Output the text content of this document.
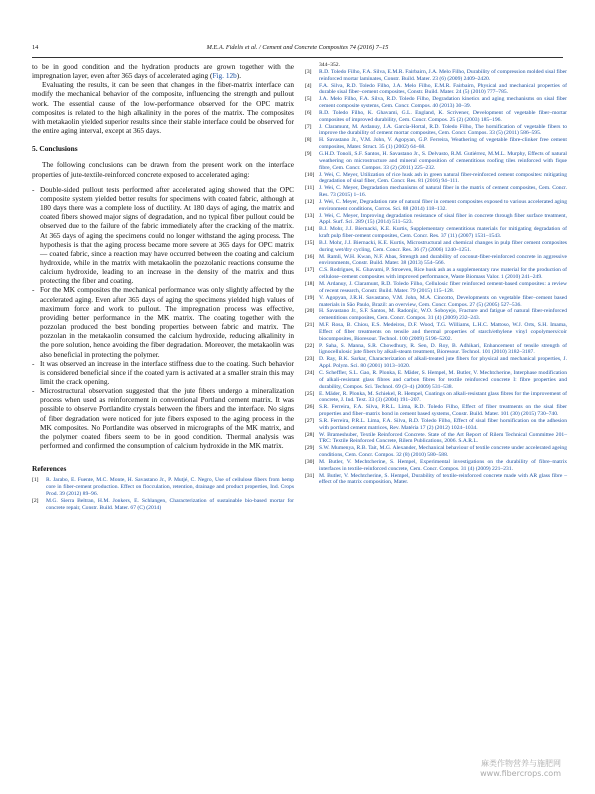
14	M.E.A. Fidelis et al. / Cement and Concrete Composites 74 (2016) 7–15

to be in good condition and the hydration products are grown together with the impregnation layer, even after 365 days of accelerated aging (Fig. 12b).

Evaluating the results, it can be seen that changes in the fiber-matrix interface can modify the mechanical behavior of the composite, influencing the strength and pullout work. The essential cause of the low-performance observed for the OPC matrix composites is related to the high alkalinity in the pores of the matrix. The composites with metakaolin yielded superior results since their stable interface could be observed for the entire aging interval, except at 365 days.

5. Conclusions

The following conclusions can be drawn from the present work on the interface properties of jute-textile-reinforced concrete exposed to accelerated aging:

- Double-sided pullout tests performed after accelerated aging showed that the OPC composite system yielded better results for specimens with coated fabric, although at 180 days there was a complete loss of ductility. At 180 days of aging, the matrix and coated fibers showed major signs of degradation, and no typical fiber pullout could be observed due to the failure of the fabric immediately after the cracking of the matrix. At 365 days of aging the specimens could no longer withstand the aging process. The hypothesis is that the aging process became more severe at 365 days for OPC matrix — coated fabric, since a reaction may have occurred between the coating and calcium hydroxide, while in the matrix with metakaolin the pozzolanic reactions consume the calcium hydroxide, leading to an increase in the density of the matrix and thus protecting the fiber and coating.
- For the MK composites the mechanical performance was only slightly affected by the accelerated aging. Even after 365 days of aging the specimens yielded high values of maximum force and work to pullout. The impregnation process was effective, providing better performance in the MK matrix. The coating together with the pozzolan produced the best bonding properties between fabric and matrix. The pozzolan in the metakaolin consumed the calcium hydroxide, reducing alkalinity in the pore solution, hence avoiding the fiber degradation. Moreover, the metakaolin was also beneficial in protecting the polymer.
- It was observed an increase in the interface stiffness due to the coating. Such behavior is considered beneficial since if the coated yarn is activated at a smaller strain this may limit the crack opening.
- Microstructural observation suggested that the jute fibers undergo a mineralization process when used as reinforcement in conventional Portland cement matrix. It was possible to observe Portlandite crystals between the fibers and the interface. No signs of fiber degradation were noticed for jute fibers exposed to the aging process in the MK composites. No Portlandite was observed in micrographs of the MK matrix, and the polymer coated fibers seem to be in good condition. Thermal analysis was performed and confirmed the consumption of calcium hydroxide in the MK matrix.
References
[1]	R. Jarabo, E. Fuente, M.C. Monte, H. Savastano Jr., P. Mutjé, C. Negro, Use of cellulose fibers from hemp core in fiber-cement production. Effect on flocculation, retention, drainage and product properties, Ind. Crops Prod. 39 (2012) 89–96.
[2]	M.G. Sierra Beltran, H.M. Jonkers, E. Schlangen, Characterization of sustainable bio-based mortar for concrete repair, Constr. Build. Mater. 67 (C) (2014)
344–352.
[3]	R.D. Toledo Filho, F.A. Silva, E.M.R. Fairbairn, J.A. Melo Filho, Durability of compression molded sisal fiber reinforced mortar laminates, Constr. Build. Mater. 23 (6) (2009) 2409–2420.
[4]	F.A. Silva, R.D. Toledo Filho, J.A. Melo Filho, E.M.R. Fairbairn, Physical and mechanical properties of durable sisal fiber–cement composites, Constr. Build. Mater. 24 (5) (2010) 777–785.
[5]	J.A. Melo Filho, F.A. Silva, R.D. Toledo Filho, Degradation kinetics and aging mechanisms on sisal fiber cement composite systems, Cem. Concr. Compos. 40 (2013) 30–39.
[6]	R.D. Toledo Filho, K. Ghavami, G.L. England, K. Scrivener, Development of vegetable fiber–mortar composites of improved durability, Cem. Concr. Compos. 25 (2) (2003) 185–196.
[7]	J. Claramunt, M. Ardanuy, J.A. García-Hortal, R.D. Toledo Filho, The hornification of vegetable fibers to improve the durability of cement mortar composites, Cem. Concr. Compos. 33 (5) (2011) 586–595.
[8]	H. Savastano Jr., V.M. John, V. Agopyan, G.P. Ferreira, Weathering of vegetable fibre-clinker free cement composites, Mater. Struct. 35 (1) (2002) 64–68.
[9]	G.H.D. Tonoli, S.F. Santos, H. Savastano Jr., S. Delvasto, R.M. Gutiérrez, M.M.L. Murphy, Effects of natural weathering on microstructure and mineral composition of cementitious roofing tiles reinforced with fique fibre, Cem. Concr. Compos. 33 (2) (2011) 225–232.
[10] J. Wei, C. Meyer, Utilization of rice husk ash in green natural fiber-reinforced cement composites: mitigating degradation of sisal fiber, Cem. Concr. Res. 81 (2016) 94–111.
[11] J. Wei, C. Meyer, Degradation mechanisms of natural fiber in the matrix of cement composites, Cem. Concr. Res. 73 (2015) 1–16.
[12] J. Wei, C. Meyer, Degradation rate of natural fiber in cement composites exposed to various accelerated aging environment conditions, Corros. Sci. 88 (2014) 118–132.
[13] J. Wei, C. Meyer, Improving degradation resistance of sisal fiber in concrete through fiber surface treatment, Appl. Surf. Sci. 289 (15) (2014) 511–523.
[14] B.J. Mohr, J.J. Biernacki, K.E. Kurtis, Supplementary cementitious materials for mitigating degradation of kraft pulp fiber-cement composites, Cem. Concr. Res. 37 (11) (2007) 1531–1543.
[15] B.J. Mohr, J.J. Biernacki, K.E. Kurtis, Microstructural and chemical changes in pulp fiber cement composites during wet/dry cycling, Cem. Concr. Res. 36 (7) (2006) 1240–1251.
[16] M. Ramli, W.H. Kwan, N.F. Abas, Strength and durability of coconut-fiber-reinforced concrete in aggressive environments, Constr. Build. Mater. 38 (2013) 554–566.
[17] C.S. Rodrigues, K. Ghavami, P. Stroeven, Rice husk ash as a supplementary raw material for the production of cellulose–cement composites with improved performance, Waste Biomass Valor. 1 (2010) 241–249.
[18] M. Ardanuy, J. Claramunt, R.D. Toledo Filho, Cellulosic fiber reinforced cement-based composites: a review of recent research, Constr. Build. Mater. 79 (2015) 115–128.
[19] V. Agopyan, J.R.H. Savastano, V.M. John, M.A. Cincotto, Developments on vegetable fiber–cement based materials in São Paulo, Brazil: an overview, Cem. Concr. Compos. 27 (5) (2005) 527–536.
[20] H. Savastano Jr., S.F. Santos, M. Radonjic, W.O. Soboyejo, Fracture and fatigue of natural fiber-reinforced cementitious composites, Cem. Concr. Compos. 31 (4) (2009) 232–243.
[21] M.F. Rosa, B. Chiou, E.S. Medeiros, D.F. Wood, T.G. Williams, L.H.C. Mattoso, W.J. Orts, S.H. Imama, Effect of fiber treatments on tensile and thermal properties of starch/ethylene vinyl copolymers/coir biocomposites, Bioresour. Technol. 100 (2009) 5196–5202.
[22] P. Saha, S. Manna, S.R. Chowdhury, R. Sen, D. Roy, B. Adhikari, Enhancement of tensile strength of lignocellulosic jute fibers by alkali-steam treatment, Bioresour. Technol. 101 (2010) 3182–3187.
[23] D. Ray, B.K. Sarkar, Characterization of alkali-treated jute fibers for physical and mechanical properties, J. Appl. Polym. Sci. 80 (2001) 1013–1020.
[24] C. Scheffler, S.L. Gao, R. Plonka, E. Mäder, S. Hempel, M. Butler, V. Mechtcherine, Interphase modification of alkali-resistant glass fibres and carbon fibres for textile reinforced concrete I: fibre properties and durability, Compos. Sci. Technol. 69 (3–4) (2009) 531–538.
[25] E. Mäder, R. Plonka, M. Schiekel, R. Hempel, Coatings on alkali-resistant glass fibres for the improvement of concrete, J. Ind. Text. 33 (3) (2004) 191–207.
[26] S.R. Ferreira, F.A. Silva, P.R.L. Lima, R.D. Toledo Filho, Effect of fiber treatments on the sisal fiber properties and fiber–matrix bond in cement based systems, Constr. Build. Mater. 101 (30) (2015) 730–740.
[27] S.R. Ferreira, P.R.L. Lima, F.A. Silva, R.D. Toledo Filho, Effect of sisal fiber hornification on the adhesion with portland cement matrices, Rev. Matéria 17 (2) (2012) 1024–1034.
[28] W. Brameshuber, Textile Reinforced Concrete. State of the Art Report of Rilem Technical Committee 201–TRC: Textile Reinforced Concrete, Rilem Publications, 2006. S.A.R.L.
[29] S.W. Mumenya, R.B. Tait, M.G. Alexander, Mechanical behaviour of textile concrete under accelerated ageing conditions, Cem. Concr. Compos. 32 (8) (2010) 580–588.
[30] M. Butler, V. Mechtcherine, S. Hempel, Experimental investigations on the durability of fibre–matrix interfaces in textile-reinforced concrete, Cem. Concr. Compos. 31 (4) (2009) 221–231.
[31] M. Butler, V. Mechtcherine, S. Hempel, Durability of textile-reinforced concrete made with AR glass fibre – effect of the matrix composition, Mater.
麻类作物营养与施肥网
www.fibercrops.com
